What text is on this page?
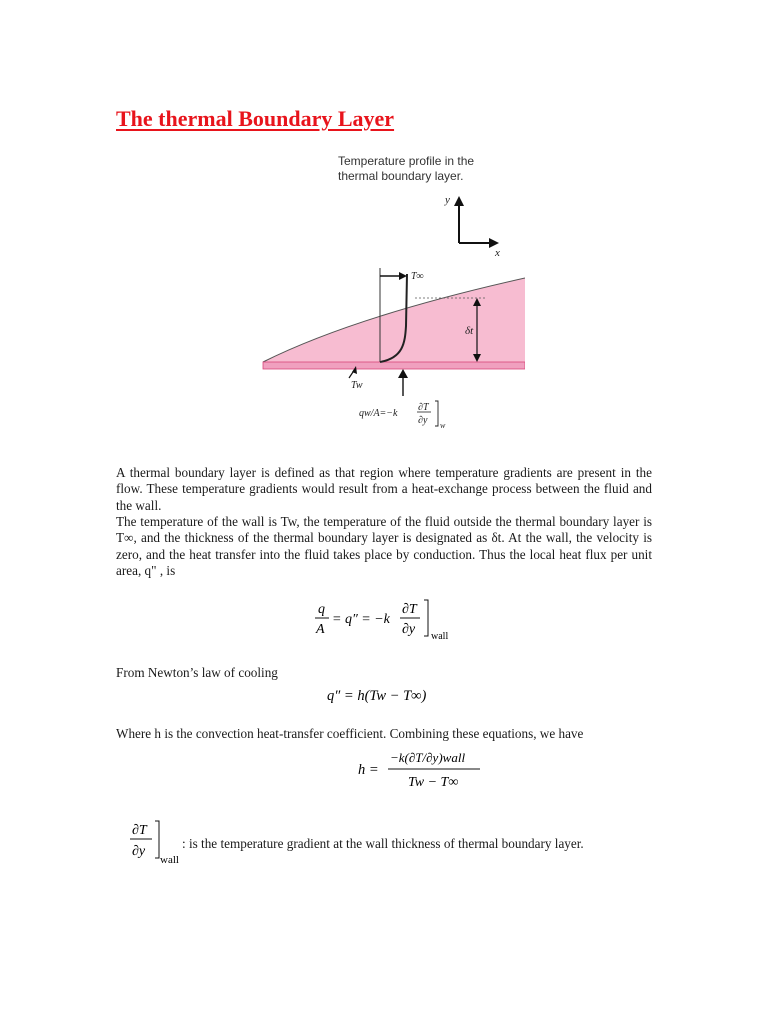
The thermal Boundary Layer
Temperature profile in the
thermal boundary layer.
y
x
T∞
δt
Tw
qw/A=−k
∂T
∂y w

A thermal boundary layer is defined as that region where temperature gradients are present in the flow. These temperature gradients would result from a heat-exchange process between the fluid and the wall.

The temperature of the wall is Tw, the temperature of the fluid outside the thermal boundary layer is T∞, and the thickness of the thermal boundary layer is designated as δt. At the wall, the velocity is zero, and the heat transfer into the fluid takes place by conduction. Thus the local heat flux per unit area, q" , is

q
A
= q″ = −k
∂T
∂y wall

From Newton’s law of cooling

q″ = h(Tw − T∞)

Where h is the convection heat-transfer coefficient. Combining these equations, we have

h =
−k(∂T/∂y)wall
Tw − T∞
∂T
∂y
wall
: is the temperature gradient at the wall thickness of thermal boundary layer.
